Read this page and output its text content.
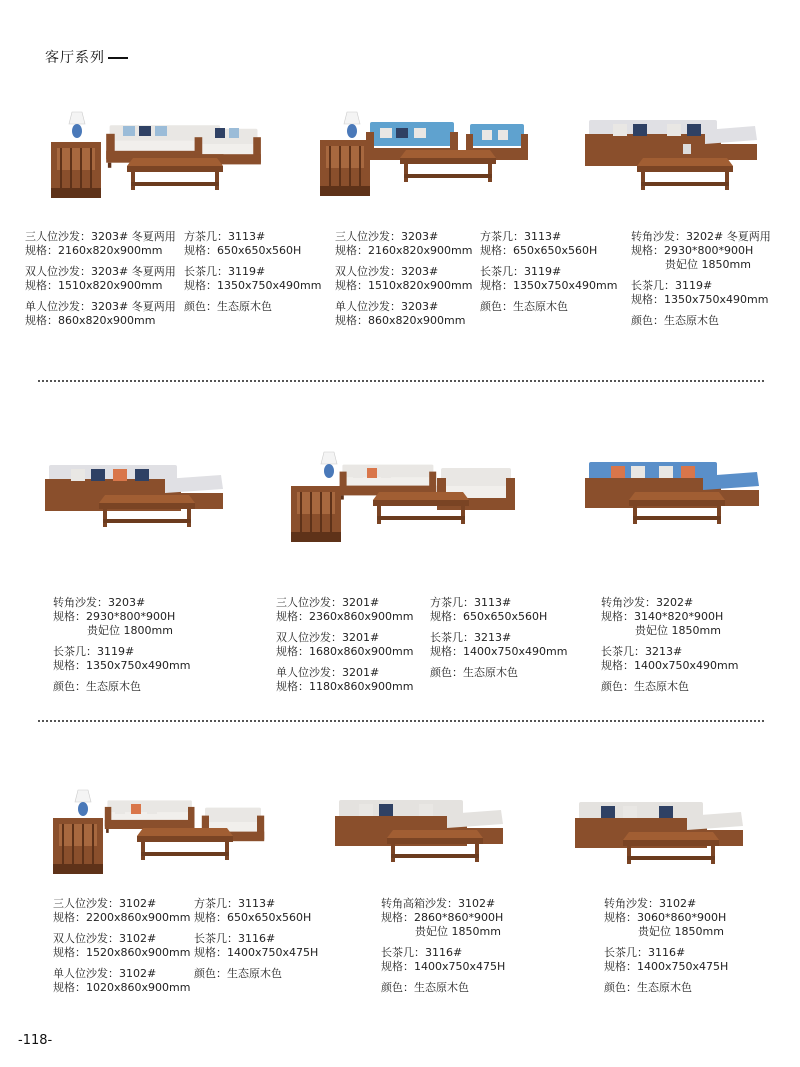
客厅系列
三人位沙发：3203# 冬夏两用
规格：2160x820x900mm
双人位沙发：3203# 冬夏两用
规格：1510x820x900mm
单人位沙发：3203# 冬夏两用
规格：860x820x900mm
方茶几：3113#
规格：650x650x560H
长茶几：3119#
规格：1350x750x490mm
颜色：生态原木色
三人位沙发：3203#
规格：2160x820x900mm
双人位沙发：3203#
规格：1510x820x900mm
单人位沙发：3203#
规格：860x820x900mm
方茶几：3113#
规格：650x650x560H
长茶几：3119#
规格：1350x750x490mm
颜色：生态原木色
转角沙发：3202# 冬夏两用
规格：2930*800*900H
贵妃位 1850mm
长茶几：3119#
规格：1350x750x490mm
颜色：生态原木色
转角沙发：3203#
规格：2930*800*900H
贵妃位 1800mm
长茶几：3119#
规格：1350x750x490mm
颜色：生态原木色
三人位沙发：3201#
规格：2360x860x900mm
双人位沙发：3201#
规格：1680x860x900mm
单人位沙发：3201#
规格：1180x860x900mm
方茶几：3113#
规格：650x650x560H
长茶几：3213#
规格：1400x750x490mm
颜色：生态原木色
转角沙发：3202#
规格：3140*820*900H
贵妃位 1850mm
长茶几：3213#
规格：1400x750x490mm
颜色：生态原木色
三人位沙发：3102#
规格：2200x860x900mm
双人位沙发：3102#
规格：1520x860x900mm
单人位沙发：3102#
规格：1020x860x900mm
方茶几：3113#
规格：650x650x560H
长茶几：3116#
规格：1400x750x475H
颜色：生态原木色
转角高箱沙发：3102#
规格：2860*860*900H
贵妃位 1850mm
长茶几：3116#
规格：1400x750x475H
颜色：生态原木色
转角沙发：3102#
规格：3060*860*900H
贵妃位 1850mm
长茶几：3116#
规格：1400x750x475H
颜色：生态原木色
-118-
